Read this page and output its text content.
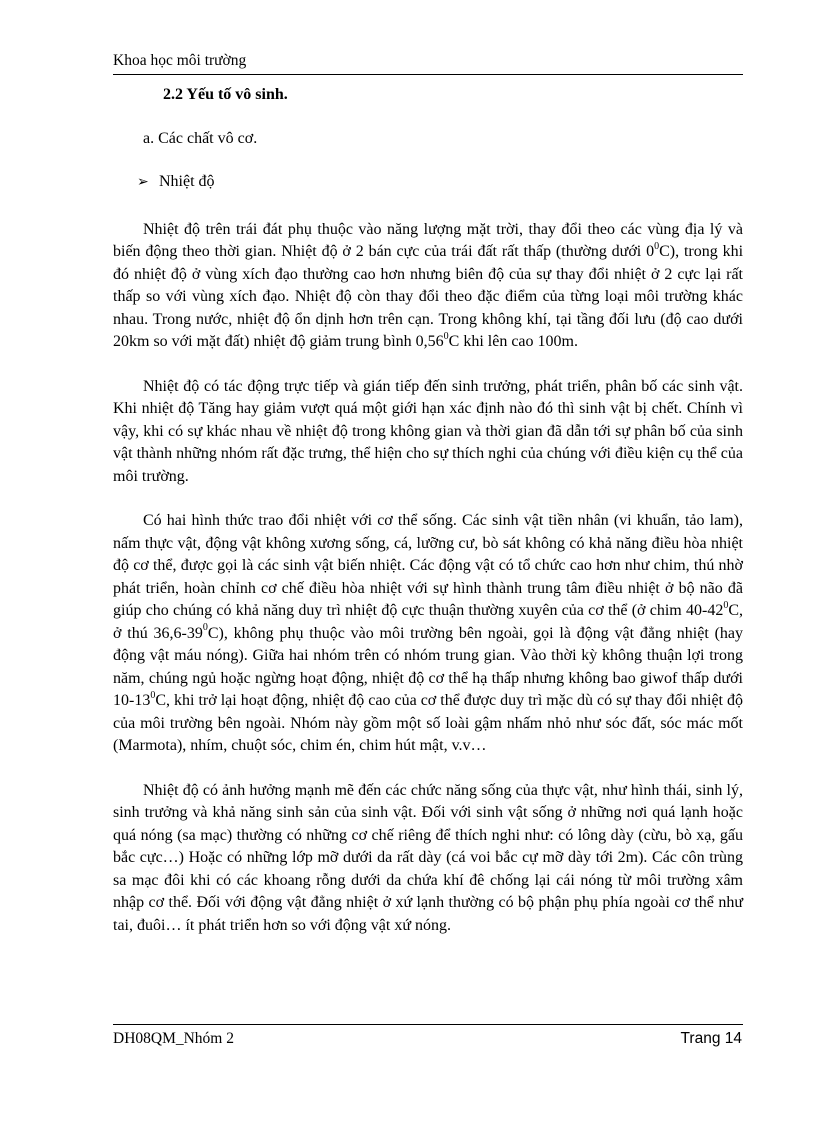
Khoa học môi trường
2.2 Yếu tố vô sinh.
a. Các chất vô cơ.
➢ Nhiệt độ

Nhiệt độ trên trái đát phụ thuộc vào năng lượng mặt trời, thay đổi theo các vùng địa lý và biến động theo thời gian. Nhiệt độ ở 2 bán cực của trái đất rất thấp (thường dưới $0^0C$), trong khi đó nhiệt độ ở vùng xích đạo thường cao hơn nhưng biên độ của sự thay đổi nhiệt ở 2 cực lại rất thấp so với vùng xích đạo. Nhiệt độ còn thay đổi theo đặc điểm của từng loại môi trường khác nhau. Trong nước, nhiệt độ ổn dịnh hơn trên cạn. Trong không khí, tại tầng đối lưu (độ cao dưới 20km so với mặt đất) nhiệt độ giảm trung bình 0,56$^0$C khi lên cao 100m.

Nhiệt độ có tác động trực tiếp và gián tiếp đến sinh trưởng, phát triển, phân bố các sinh vật. Khi nhiệt độ Tăng hay giảm vượt quá một giới hạn xác định nào đó thì sinh vật bị chết. Chính vì vậy, khi có sự khác nhau về nhiệt độ trong không gian và thời gian đã dẫn tới sự phân bố của sinh vật thành những nhóm rất đặc trưng, thể hiện cho sự thích nghi của chúng với điều kiện cụ thể của môi trường.

Có hai hình thức trao đổi nhiệt với cơ thể sống. Các sinh vật tiền nhân (vi khuẩn, tảo lam), nấm thực vật, động vật không xương sống, cá, lưỡng cư, bò sát không có khả năng điều hòa nhiệt độ cơ thể, được gọi là các sinh vật biến nhiệt. Các động vật có tổ chức cao hơn như chim, thú nhờ phát triển, hoàn chỉnh cơ chế điều hòa nhiệt với sự hình thành trung tâm điều nhiệt ở bộ não đã giúp cho chúng có khả năng duy trì nhiệt độ cực thuận thường xuyên của cơ thể (ở chim $40-42^0C$, ở thú $36,6-39^0C$), không phụ thuộc vào môi trường bên ngoài, gọi là động vật đẳng nhiệt (hay động vật máu nóng). Giữa hai nhóm trên có nhóm trung gian. Vào thời kỳ không thuận lợi trong năm, chúng ngủ hoặc ngừng hoạt động, nhiệt độ cơ thể hạ thấp nhưng không bao giwof thấp dưới $10-13^0C$, khi trở lại hoạt động, nhiệt độ cao của cơ thể được duy trì mặc dù có sự thay đổi nhiệt độ của môi trường bên ngoài. Nhóm này gồm một số loài gậm nhấm nhỏ như sóc đất, sóc mác mốt (Marmota), nhím, chuột sóc, chim én, chim hút mật, v.v…

Nhiệt độ có ảnh hưởng mạnh mẽ đến các chức năng sống của thực vật, như hình thái, sinh lý, sinh trưởng và khả năng sinh sản của sinh vật. Đối với sinh vật sống ở những nơi quá lạnh hoặc quá nóng (sa mạc) thường có những cơ chế riêng để thích nghi như: có lông dày (cừu, bò xạ, gấu bắc cực…) Hoặc có những lớp mỡ dưới da rất dày (cá voi bắc cự mỡ dày tới 2m). Các côn trùng sa mạc đôi khi có các khoang rỗng dưới da chứa khí đê chống lại cái nóng từ môi trường xâm nhập cơ thể. Đối với động vật đẳng nhiệt ở xứ lạnh thường có bộ phận phụ phía ngoài cơ thể như tai, đuôi… ít phát triển hơn so với động vật xứ nóng.

DH08QM_Nhóm 2	Trang 14
